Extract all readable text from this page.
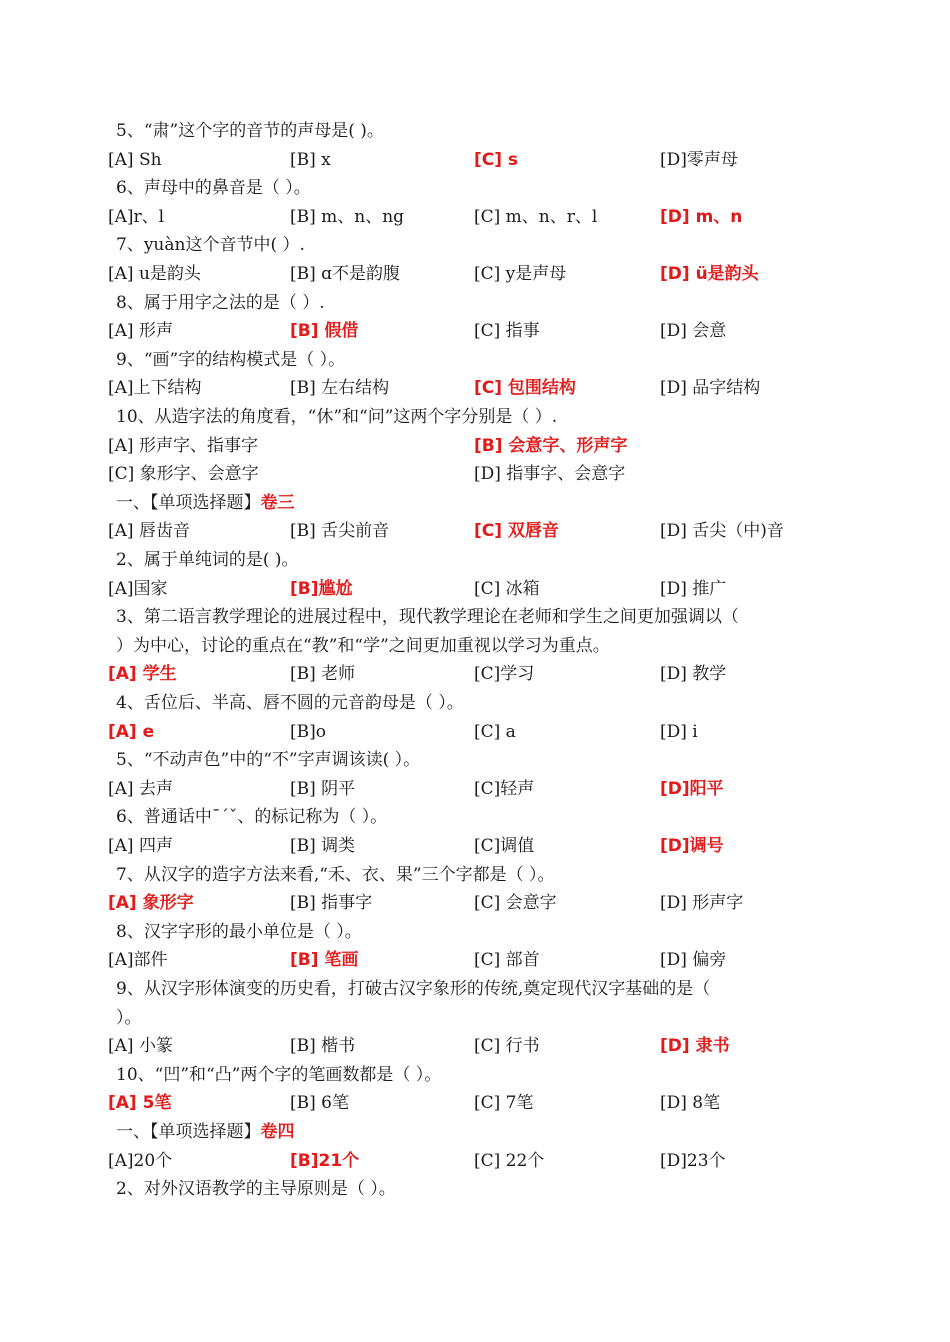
5、“肃”这个字的音节的声母是( )。
[A] Sh	[B] x	[C] s	[D]零声母
6、声母中的鼻音是（ ）。
[A]r、l	[B] m、n、ng	[C] m、n、r、l	[D] m、n
7、yuàn这个音节中( ）.
[A] u是韵头	[B] ɑ不是韵腹	[C] y是声母	[D] ü是韵头
8、属于用字之法的是（ ）.
[A] 形声	[B] 假借	[C] 指事	[D] 会意
9、“画”字的结构模式是（ ）。
[A]上下结构	[B] 左右结构	[C] 包围结构	[D] 品字结构
10、从造字法的角度看，“休”和“问”这两个字分别是（ ）.
[A] 形声字、指事字	[B] 会意字、形声字
[C] 象形字、会意字	[D] 指事字、会意字
一、【单项选择题】卷三
[A] 唇齿音	[B] 舌尖前音	[C] 双唇音	[D] 舌尖（中)音
2、属于单纯词的是( )。
[A]国家	[B]尴尬	[C] 冰箱	[D] 推广
3、第二语言教学理论的进展过程中，现代教学理论在老师和学生之间更加强调以（
）为中心，讨论的重点在“教”和“学”之间更加重视以学习为重点。
[A] 学生	[B] 老师	[C]学习	[D] 教学
4、舌位后、半高、唇不圆的元音韵母是（ ）。
[A] e	[B]o	[C] a	[D] i
5、“不动声色”中的“不”字声调该读( ）。
[A] 去声	[B] 阴平	[C]轻声	[D]阳平
6、普通话中ˉˊˇ、的标记称为（ ）。
[A] 四声	[B] 调类	[C]调值	[D]调号
7、从汉字的造字方法来看,“禾、衣、果”三个字都是（ ）。
[A] 象形字	[B] 指事字	[C] 会意字	[D] 形声字
8、汉字字形的最小单位是（ ）。
[A]部件	[B] 笔画	[C] 部首	[D] 偏旁
9、从汉字形体演变的历史看，打破古汉字象形的传统,奠定现代汉字基础的是（
）。
[A] 小篆	[B] 楷书	[C] 行书	[D] 隶书
10、“凹”和“凸”两个字的笔画数都是（ ）。
[A] 5笔	[B] 6笔	[C] 7笔	[D] 8笔
一、【单项选择题】卷四
[A]20个	[B]21个	[C] 22个	[D]23个
2、对外汉语教学的主导原则是（ ）。
